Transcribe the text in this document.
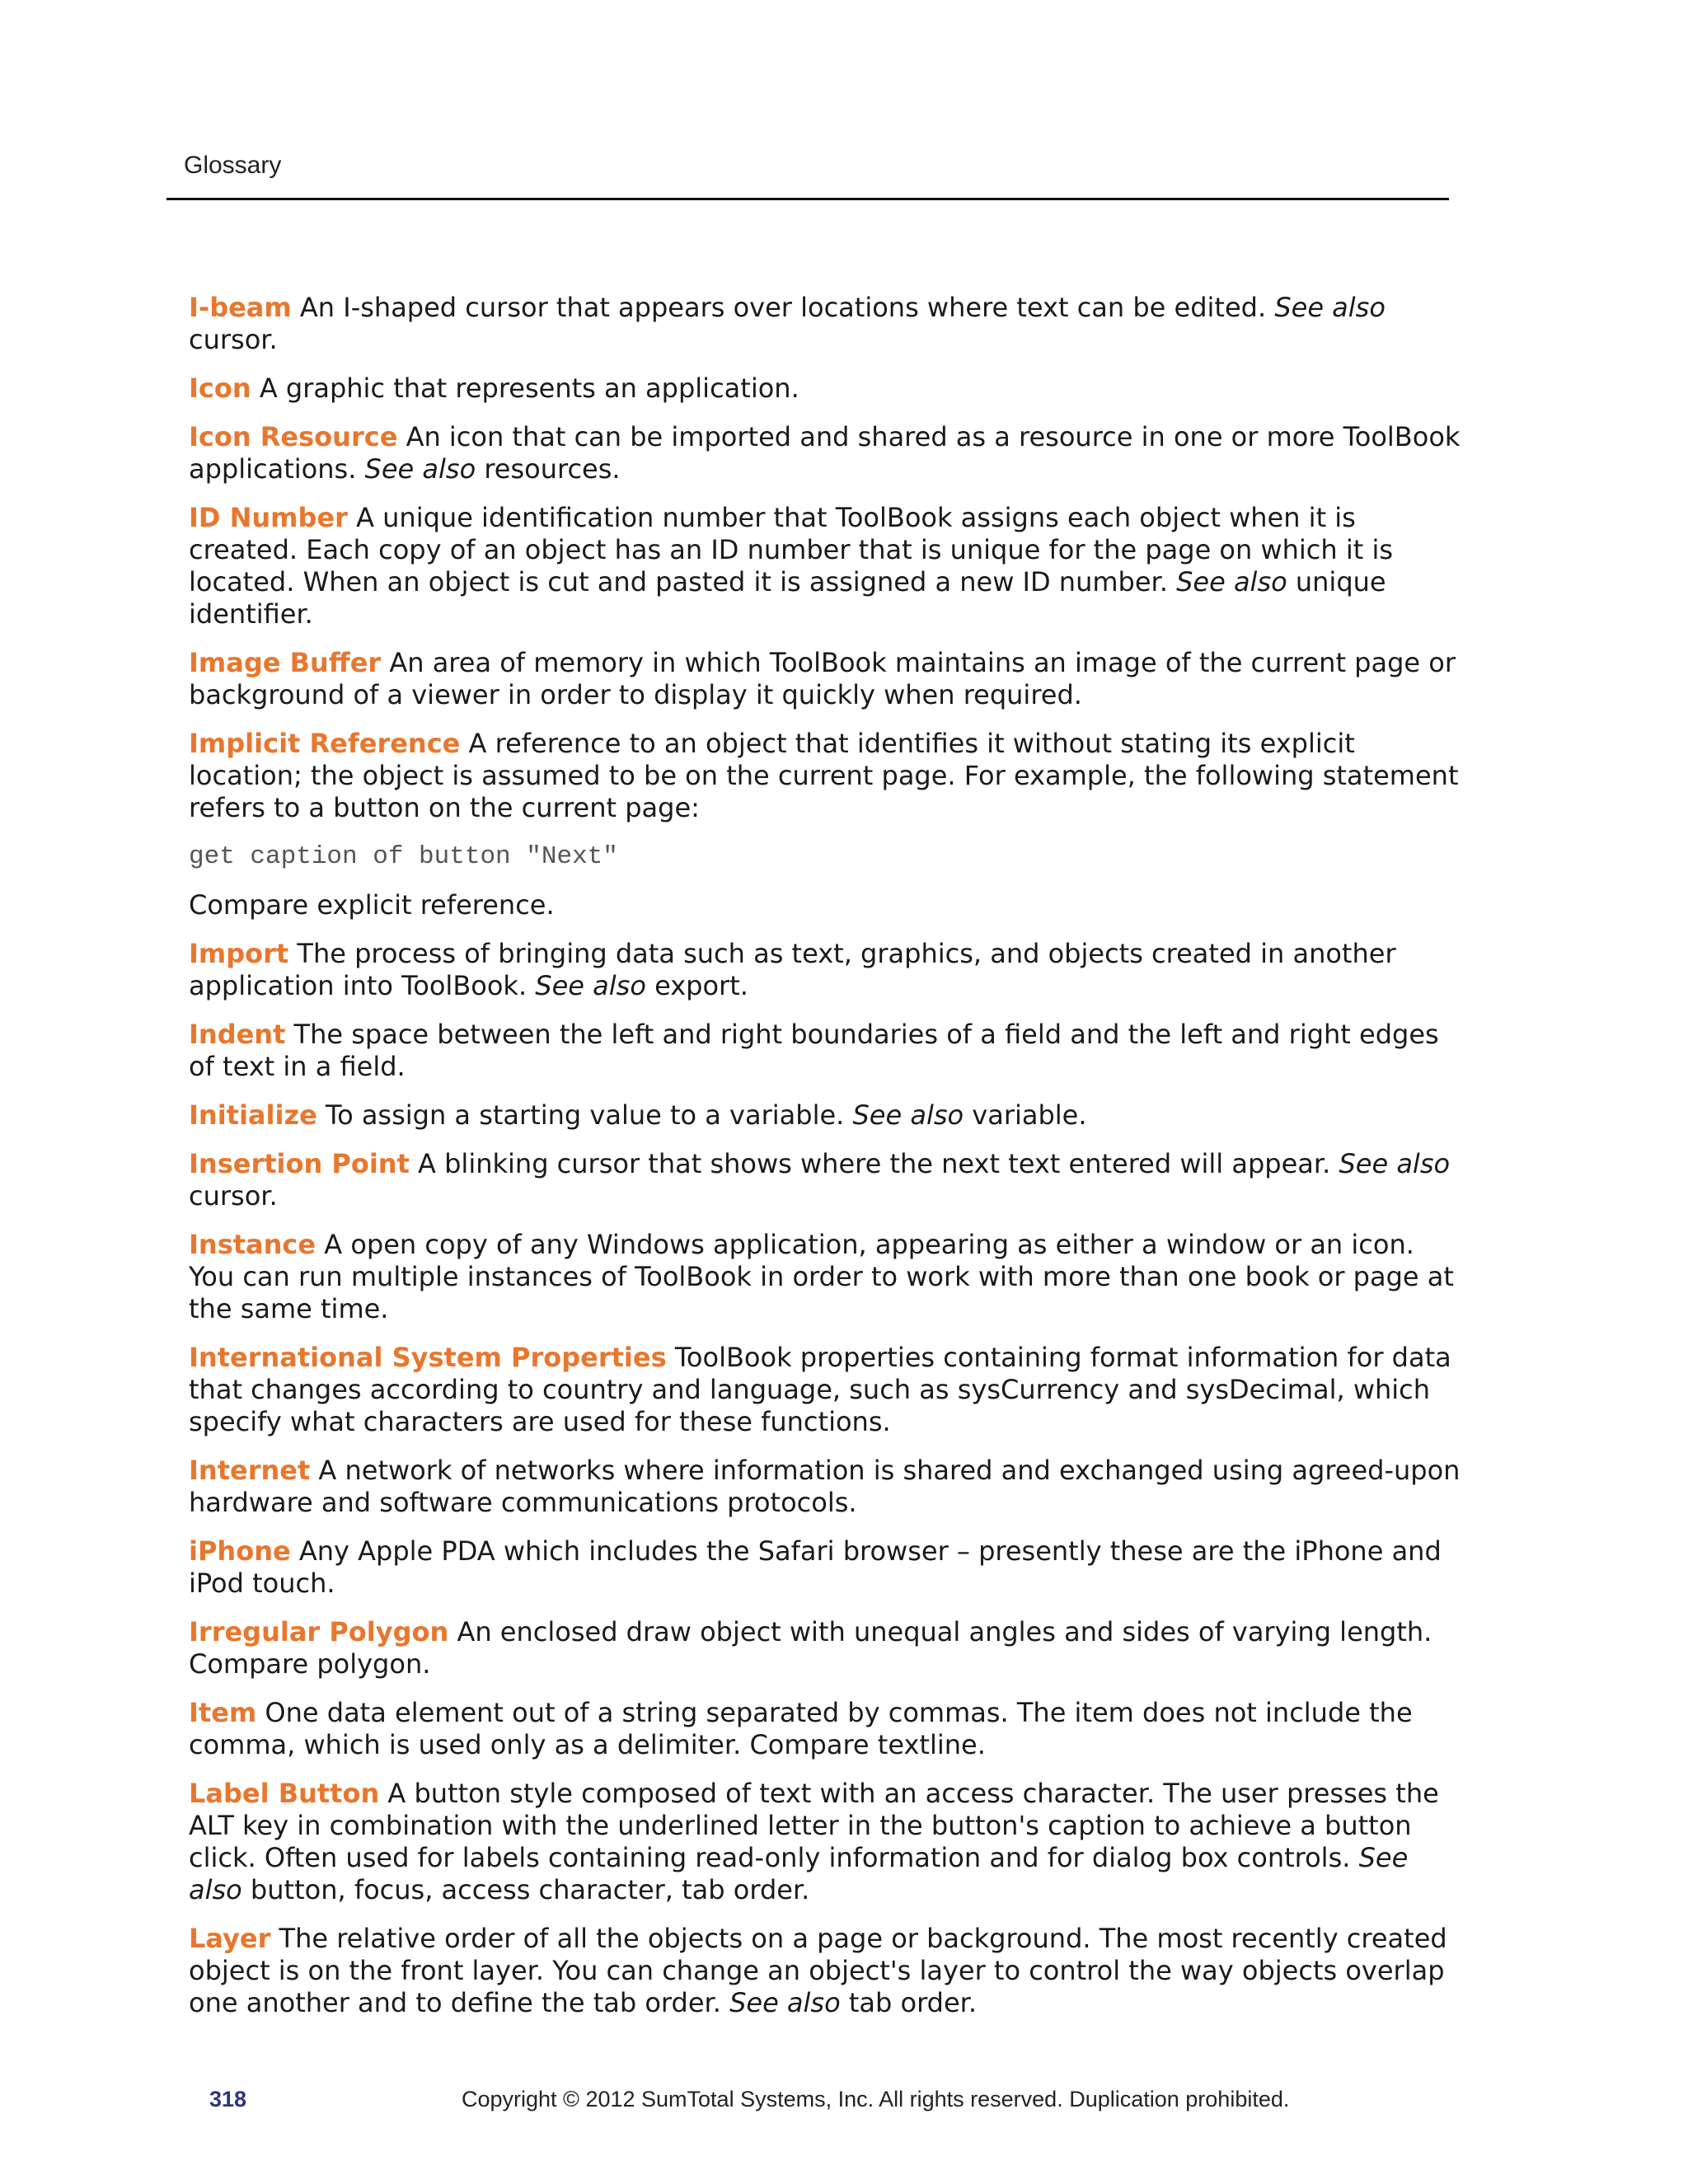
Glossary
I-beam An I-shaped cursor that appears over locations where text can be edited. See also cursor.
Icon A graphic that represents an application.
Icon Resource An icon that can be imported and shared as a resource in one or more ToolBook applications. See also resources.
ID Number A unique identification number that ToolBook assigns each object when it is created. Each copy of an object has an ID number that is unique for the page on which it is located. When an object is cut and pasted it is assigned a new ID number. See also unique identifier.
Image Buffer An area of memory in which ToolBook maintains an image of the current page or background of a viewer in order to display it quickly when required.
Implicit Reference A reference to an object that identifies it without stating its explicit location; the object is assumed to be on the current page. For example, the following statement refers to a button on the current page:
get caption of button "Next"
Compare explicit reference.
Import The process of bringing data such as text, graphics, and objects created in another application into ToolBook. See also export.
Indent The space between the left and right boundaries of a field and the left and right edges of text in a field.
Initialize To assign a starting value to a variable. See also variable.
Insertion Point A blinking cursor that shows where the next text entered will appear. See also cursor.
Instance A open copy of any Windows application, appearing as either a window or an icon. You can run multiple instances of ToolBook in order to work with more than one book or page at the same time.
International System Properties ToolBook properties containing format information for data that changes according to country and language, such as sysCurrency and sysDecimal, which specify what characters are used for these functions.
Internet A network of networks where information is shared and exchanged using agreed-upon hardware and software communications protocols.
iPhone Any Apple PDA which includes the Safari browser – presently these are the iPhone and iPod touch.
Irregular Polygon An enclosed draw object with unequal angles and sides of varying length. Compare polygon.
Item One data element out of a string separated by commas. The item does not include the comma, which is used only as a delimiter. Compare textline.
Label Button A button style composed of text with an access character. The user presses the ALT key in combination with the underlined letter in the button's caption to achieve a button click. Often used for labels containing read-only information and for dialog box controls. See also button, focus, access character, tab order.
Layer The relative order of all the objects on a page or background. The most recently created object is on the front layer. You can change an object's layer to control the way objects overlap one another and to define the tab order. See also tab order.
318	Copyright © 2012 SumTotal Systems, Inc. All rights reserved. Duplication prohibited.
